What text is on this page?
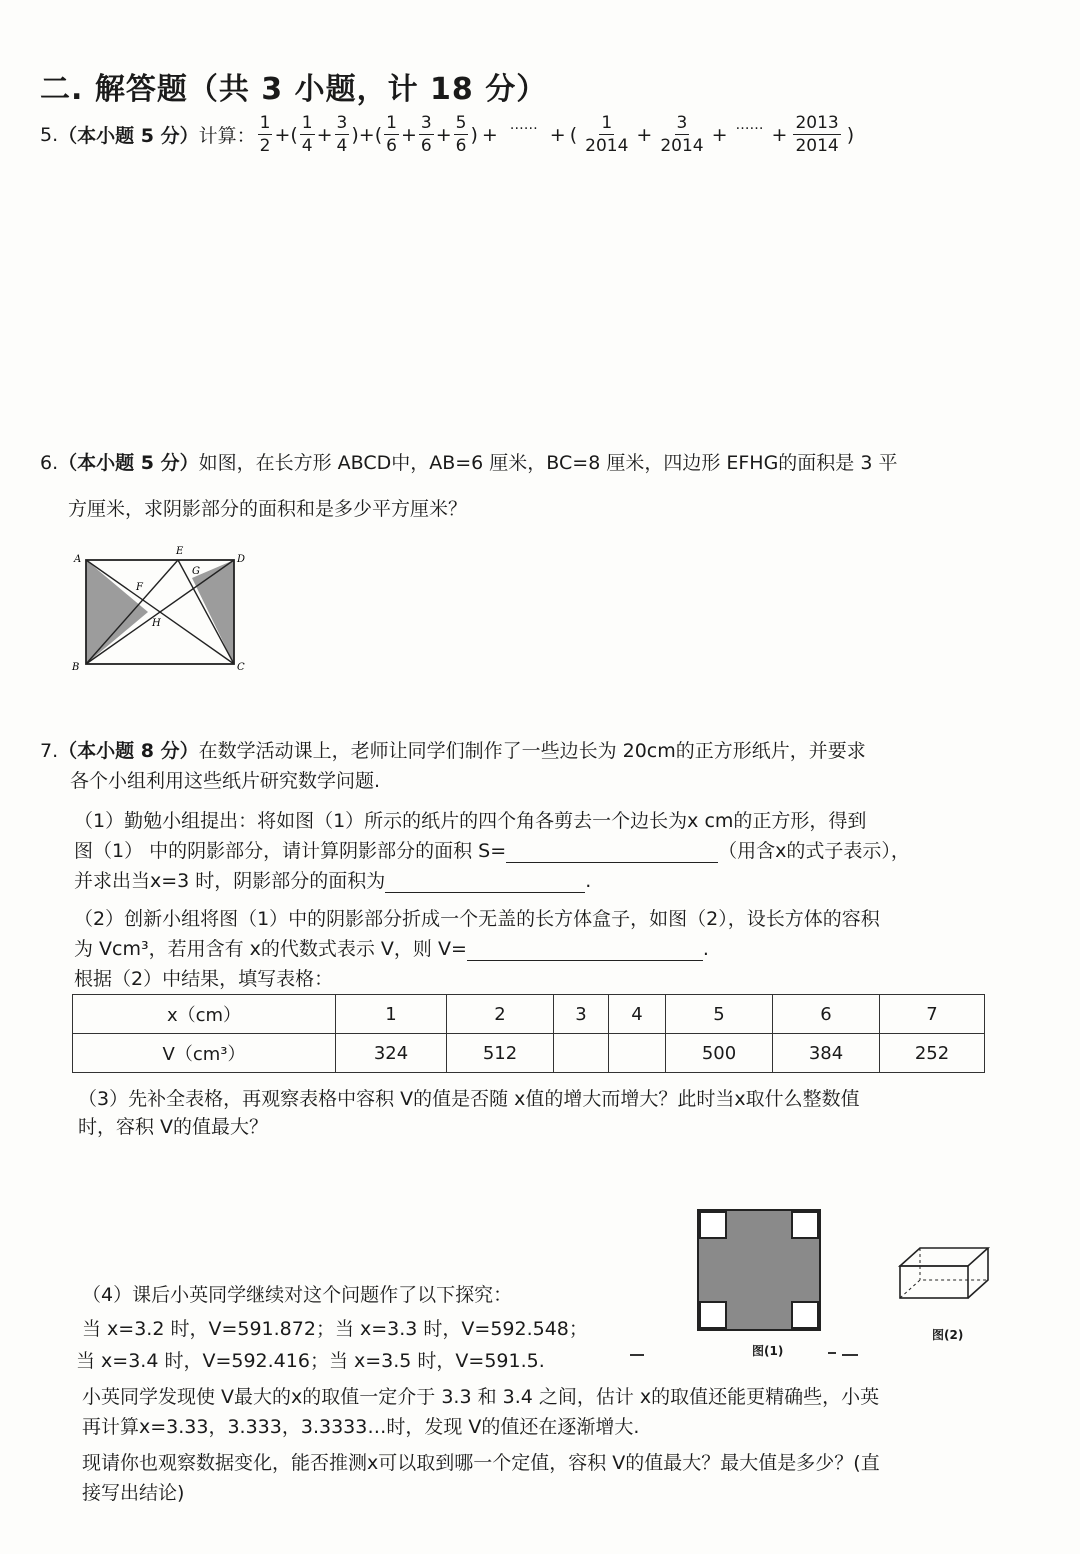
二. 解答题（共 3 小题，计 18 分）
5. （本小题 5 分） 计算： $\frac{1}{2}$ + ( $\frac{1}{4} + \frac{3}{4}$ ) + ( $\frac{1}{6} + \frac{3}{6} + \frac{5}{6}$ ) + …… + ( $\frac{1}{2014} + \frac{3}{2014}$ + …… + $\frac{2013}{2014}$ )
6.（本小题 5 分）如图，在长方形 ABCD中，AB=6 厘米，BC=8 厘米，四边形 EFHG的面积是 3 平
方厘米，求阴影部分的面积和是多少平方厘米？
A
B	C
D
E
F
G
H
7.（本小题 8 分）在数学活动课上，老师让同学们制作了一些边长为 20cm的正方形纸片，并要求
各个小组利用这些纸片研究数学问题.
（1）勤勉小组提出：将如图（1）所示的纸片的四个角各剪去一个边长为x cm的正方形，得到
图（1） 中的阴影部分，请计算阴影部分的面积 S=	（用含x的式子表示），
并求出当x=3 时，阴影部分的面积为	.
（2）创新小组将图（1）中的阴影部分折成一个无盖的长方体盒子，如图（2），设长方体的容积
为 Vcm³，若用含有 x的代数式表示 V，则 V=	.
根据（2）中结果，填写表格：
x（cm）	1	2	3	4	5	6	7
V（cm³）	324	512			500	384	252
（3）先补全表格，再观察表格中容积 V的值是否随 x值的增大而增大？此时当x取什么整数值
时，容积 V的值最大？
图(1)
图(2)
（4）课后小英同学继续对这个问题作了以下探究：
当 x=3.2 时，V=591.872；当 x=3.3 时，V=592.548；
当 x=3.4 时，V=592.416；当 x=3.5 时，V=591.5.
小英同学发现使 V最大的x的取值一定介于 3.3 和 3.4 之间，估计 x的取值还能更精确些，小英
再计算x=3.33，3.333，3.3333…时，发现 V的值还在逐渐增大.
现请你也观察数据变化，能否推测x可以取到哪一个定值，容积 V的值最大？最大值是多少？(直
接写出结论)
